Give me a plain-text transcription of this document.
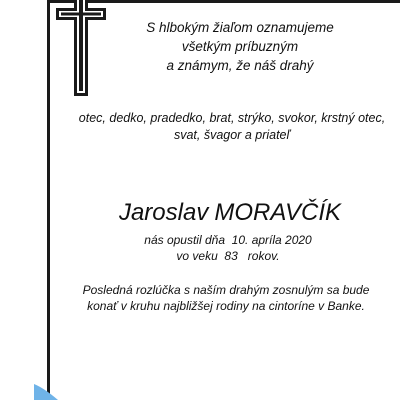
S hlbokým žiaľom oznamujeme
všetkým príbuzným
a známym, že náš drahý
otec, dedko, pradedko, brat, strýko, svokor, krstný otec,
svat, švagor a priateľ
Jaroslav MORAVČÍK
nás opustil dňa 10. apríla 2020
vo veku 83 rokov.
Posledná rozlúčka s naším drahým zosnulým sa bude
konať v kruhu najbližšej rodiny na cintoríne v Banke.
